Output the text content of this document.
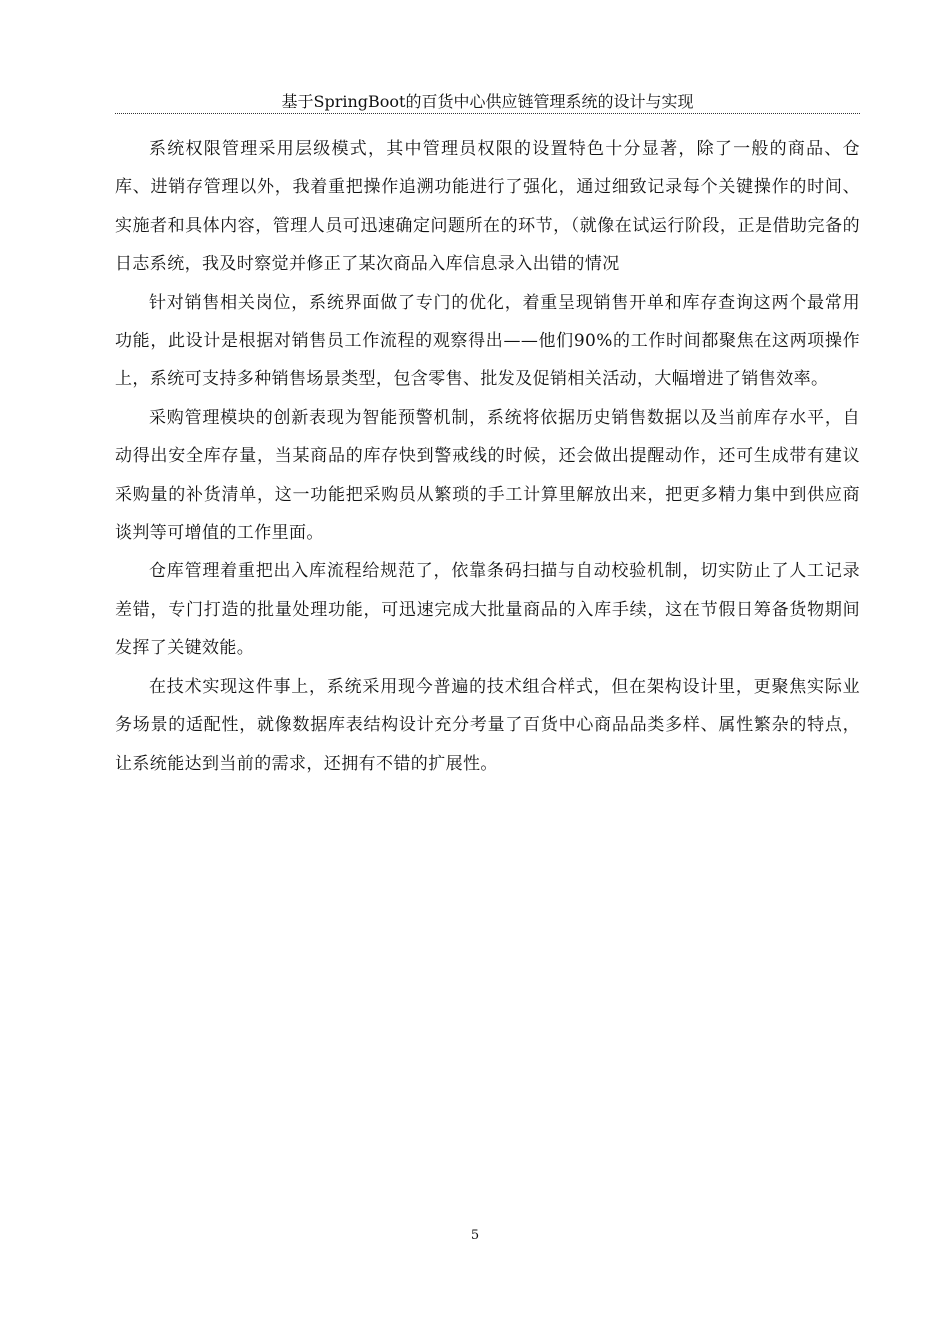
基于SpringBoot的百货中心供应链管理系统的设计与实现

系统权限管理采用层级模式，其中管理员权限的设置特色十分显著，除了一般的商品、仓库、进销存管理以外，我着重把操作追溯功能进行了强化，通过细致记录每个关键操作的时间、实施者和具体内容，管理人员可迅速确定问题所在的环节，（就像在试运行阶段，正是借助完备的日志系统，我及时察觉并修正了某次商品入库信息录入出错的情况

针对销售相关岗位，系统界面做了专门的优化，着重呈现销售开单和库存查询这两个最常用功能，此设计是根据对销售员工作流程的观察得出——他们90%的工作时间都聚焦在这两项操作上，系统可支持多种销售场景类型，包含零售、批发及促销相关活动，大幅增进了销售效率。

采购管理模块的创新表现为智能预警机制，系统将依据历史销售数据以及当前库存水平，自动得出安全库存量，当某商品的库存快到警戒线的时候，还会做出提醒动作，还可生成带有建议采购量的补货清单，这一功能把采购员从繁琐的手工计算里解放出来，把更多精力集中到供应商谈判等可增值的工作里面。

仓库管理着重把出入库流程给规范了，依靠条码扫描与自动校验机制，切实防止了人工记录差错，专门打造的批量处理功能，可迅速完成大批量商品的入库手续，这在节假日筹备货物期间发挥了关键效能。

在技术实现这件事上，系统采用现今普遍的技术组合样式，但在架构设计里，更聚焦实际业务场景的适配性，就像数据库表结构设计充分考量了百货中心商品品类多样、属性繁杂的特点，让系统能达到当前的需求，还拥有不错的扩展性。

5
